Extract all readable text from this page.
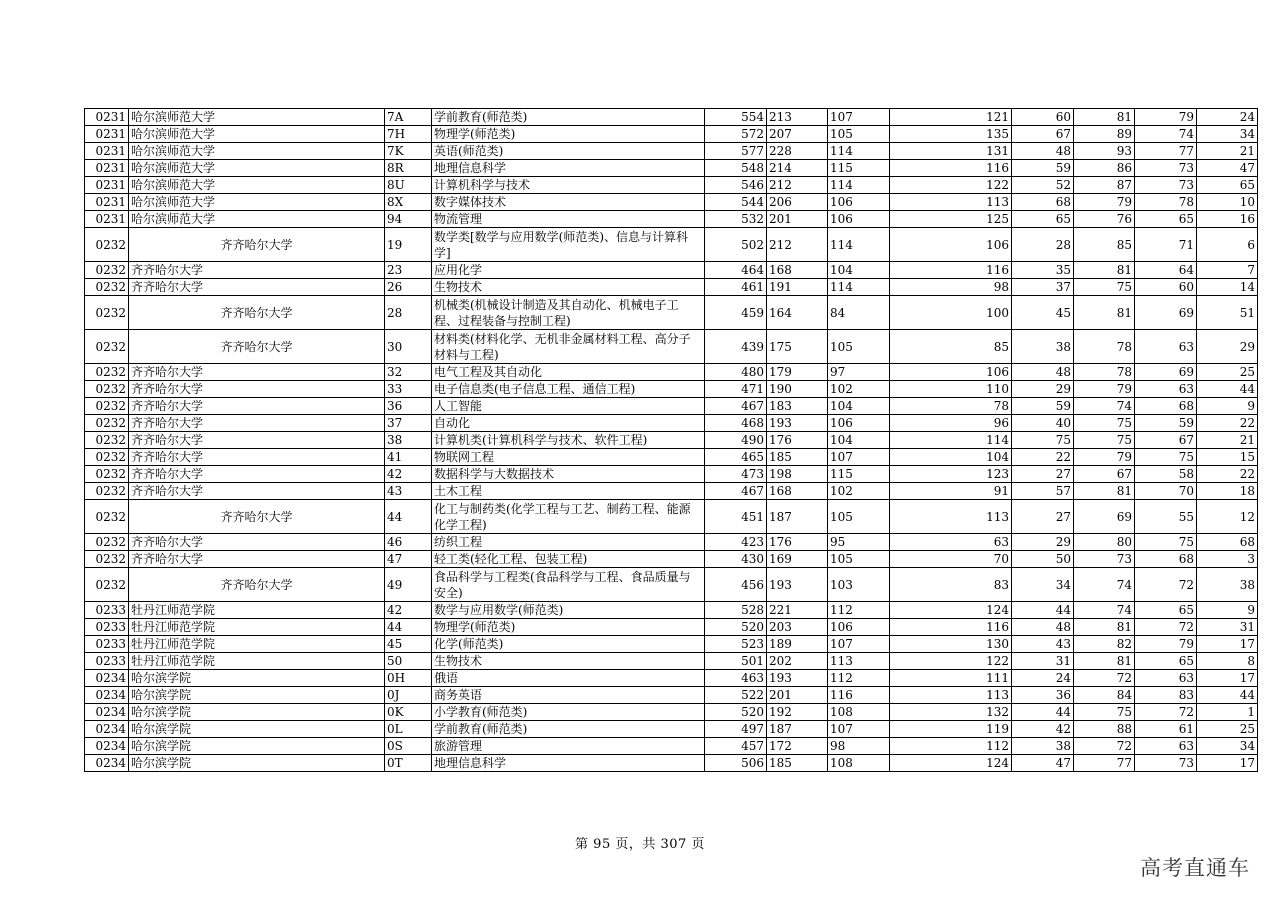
0231	哈尔滨师范大学	7A	学前教育(师范类)	554	213	107	121	60	81	79	24
0231	哈尔滨师范大学	7H	物理学(师范类)	572	207	105	135	67	89	74	34
0231	哈尔滨师范大学	7K	英语(师范类)	577	228	114	131	48	93	77	21
0231	哈尔滨师范大学	8R	地理信息科学	548	214	115	116	59	86	73	47
0231	哈尔滨师范大学	8U	计算机科学与技术	546	212	114	122	52	87	73	65
0231	哈尔滨师范大学	8X	数字媒体技术	544	206	106	113	68	79	78	10
0231	哈尔滨师范大学	94	物流管理	532	201	106	125	65	76	65	16
0232	齐齐哈尔大学	19	数学类[数学与应用数学(师范类)、信息与计算科学]	502	212	114	106	28	85	71	6
0232	齐齐哈尔大学	23	应用化学	464	168	104	116	35	81	64	7
0232	齐齐哈尔大学	26	生物技术	461	191	114	98	37	75	60	14
0232	齐齐哈尔大学	28	机械类(机械设计制造及其自动化、机械电子工程、过程装备与控制工程)	459	164	84	100	45	81	69	51
0232	齐齐哈尔大学	30	材料类(材料化学、无机非金属材料工程、高分子材料与工程)	439	175	105	85	38	78	63	29
0232	齐齐哈尔大学	32	电气工程及其自动化	480	179	97	106	48	78	69	25
0232	齐齐哈尔大学	33	电子信息类(电子信息工程、通信工程)	471	190	102	110	29	79	63	44
0232	齐齐哈尔大学	36	人工智能	467	183	104	78	59	74	68	9
0232	齐齐哈尔大学	37	自动化	468	193	106	96	40	75	59	22
0232	齐齐哈尔大学	38	计算机类(计算机科学与技术、软件工程)	490	176	104	114	75	75	67	21
0232	齐齐哈尔大学	41	物联网工程	465	185	107	104	22	79	75	15
0232	齐齐哈尔大学	42	数据科学与大数据技术	473	198	115	123	27	67	58	22
0232	齐齐哈尔大学	43	土木工程	467	168	102	91	57	81	70	18
0232	齐齐哈尔大学	44	化工与制药类(化学工程与工艺、制药工程、能源化学工程)	451	187	105	113	27	69	55	12
0232	齐齐哈尔大学	46	纺织工程	423	176	95	63	29	80	75	68
0232	齐齐哈尔大学	47	轻工类(轻化工程、包装工程)	430	169	105	70	50	73	68	3
0232	齐齐哈尔大学	49	食品科学与工程类(食品科学与工程、食品质量与安全)	456	193	103	83	34	74	72	38
0233	牡丹江师范学院	42	数学与应用数学(师范类)	528	221	112	124	44	74	65	9
0233	牡丹江师范学院	44	物理学(师范类)	520	203	106	116	48	81	72	31
0233	牡丹江师范学院	45	化学(师范类)	523	189	107	130	43	82	79	17
0233	牡丹江师范学院	50	生物技术	501	202	113	122	31	81	65	8
0234	哈尔滨学院	0H	俄语	463	193	112	111	24	72	63	17
0234	哈尔滨学院	0J	商务英语	522	201	116	113	36	84	83	44
0234	哈尔滨学院	0K	小学教育(师范类)	520	192	108	132	44	75	72	1
0234	哈尔滨学院	0L	学前教育(师范类)	497	187	107	119	42	88	61	25
0234	哈尔滨学院	0S	旅游管理	457	172	98	112	38	72	63	34
0234	哈尔滨学院	0T	地理信息科学	506	185	108	124	47	77	73	17
第 95 页，共 307 页
高考直通车
